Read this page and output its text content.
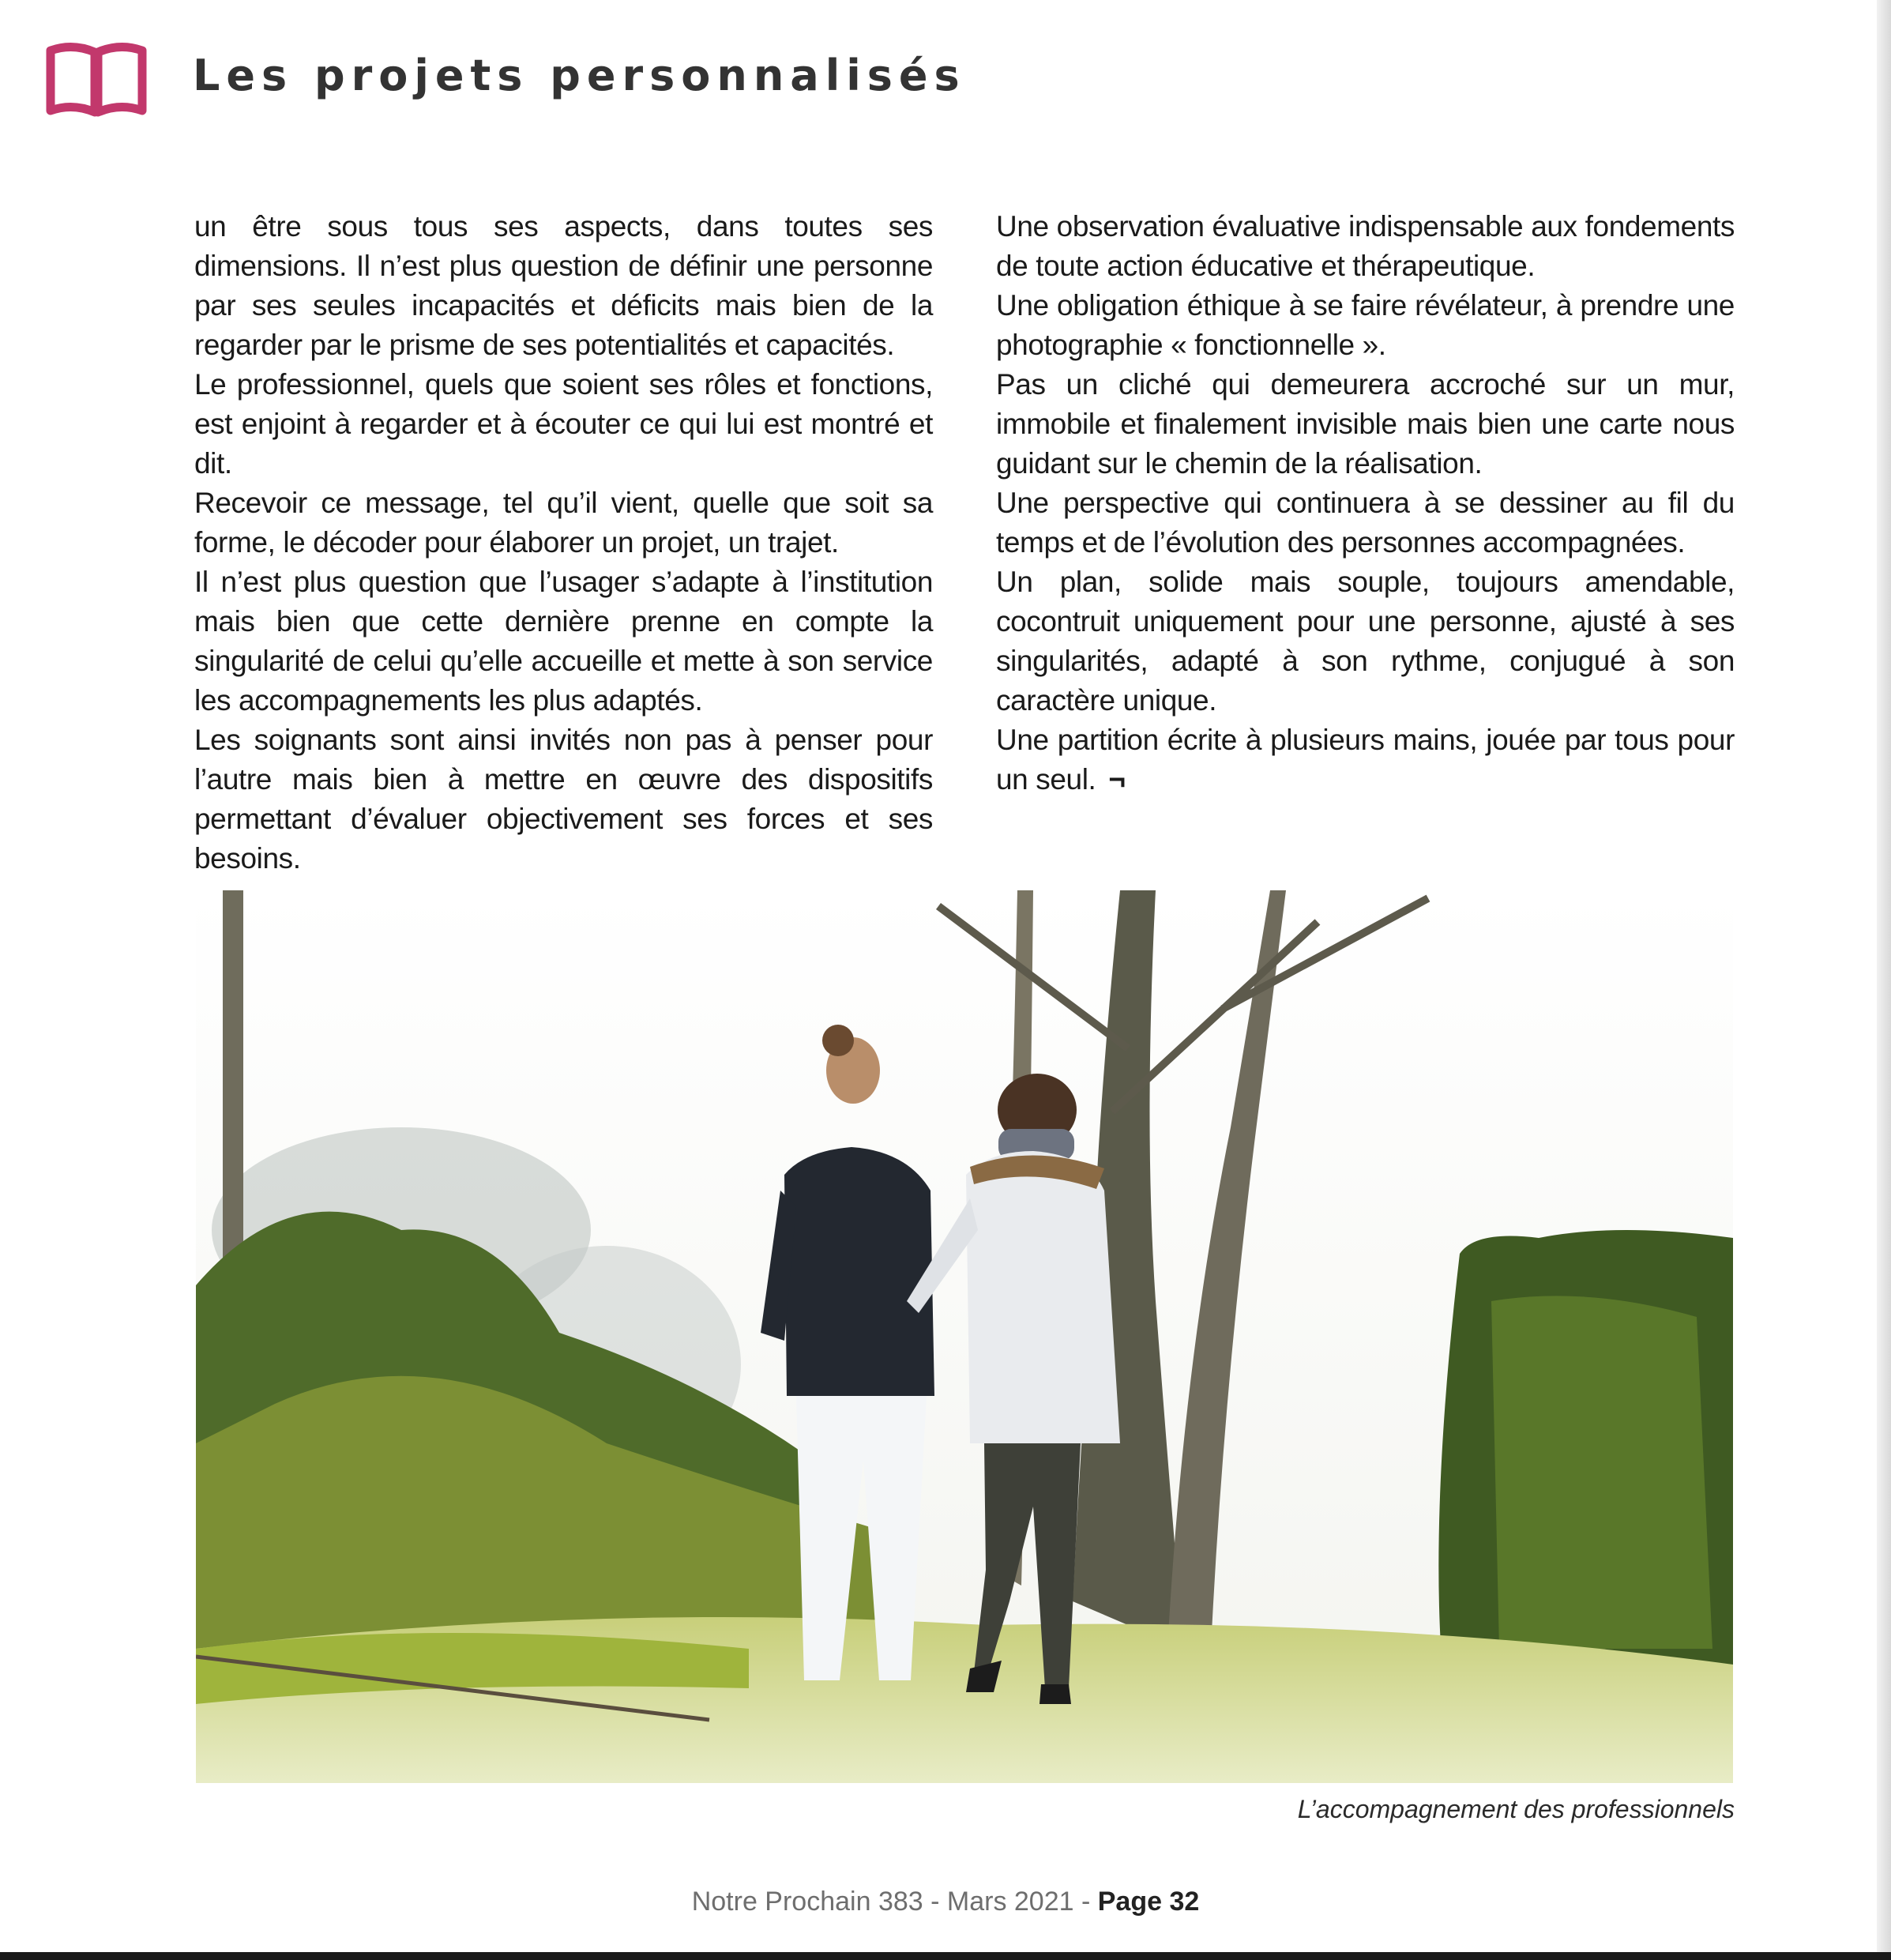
Les projets personnalisés

un être sous tous ses aspects, dans toutes ses dimensions. Il n’est plus question de définir une personne par ses seules incapacités et déficits mais bien de la regarder par le prisme de ses potentialités et capacités.

Le professionnel, quels que soient ses rôles et fonctions, est enjoint à regarder et à écouter ce qui lui est montré et dit.

Recevoir ce message, tel qu’il vient, quelle que soit sa forme, le décoder pour élaborer un projet, un trajet.

Il n’est plus question que l’usager s’adapte à l’institution mais bien que cette dernière prenne en compte la singularité de celui qu’elle accueille et mette à son service les accompagnements les plus adaptés.

Les soignants sont ainsi invités non pas à penser pour l’autre mais bien à mettre en œuvre des dispositifs permettant d’évaluer objectivement ses forces et ses besoins.

Une observation évaluative indispensable aux fondements de toute action éducative et thérapeutique.

Une obligation éthique à se faire révélateur, à prendre une photographie « fonctionnelle ».

Pas un cliché qui demeurera accroché sur un mur, immobile et finalement invisible mais bien une carte nous guidant sur le chemin de la réalisation.

Une perspective qui continuera à se dessiner au fil du temps et de l’évolution des personnes accompagnées.

Un plan, solide mais souple, toujours amendable, cocontruit uniquement pour une personne, ajusté à ses singularités, adapté à son rythme, conjugué à son caractère unique.

Une partition écrite à plusieurs mains, jouée par tous pour un seul. ¬

L’accompagnement des professionnels

Notre Prochain 383 - Mars 2021 - Page 32
